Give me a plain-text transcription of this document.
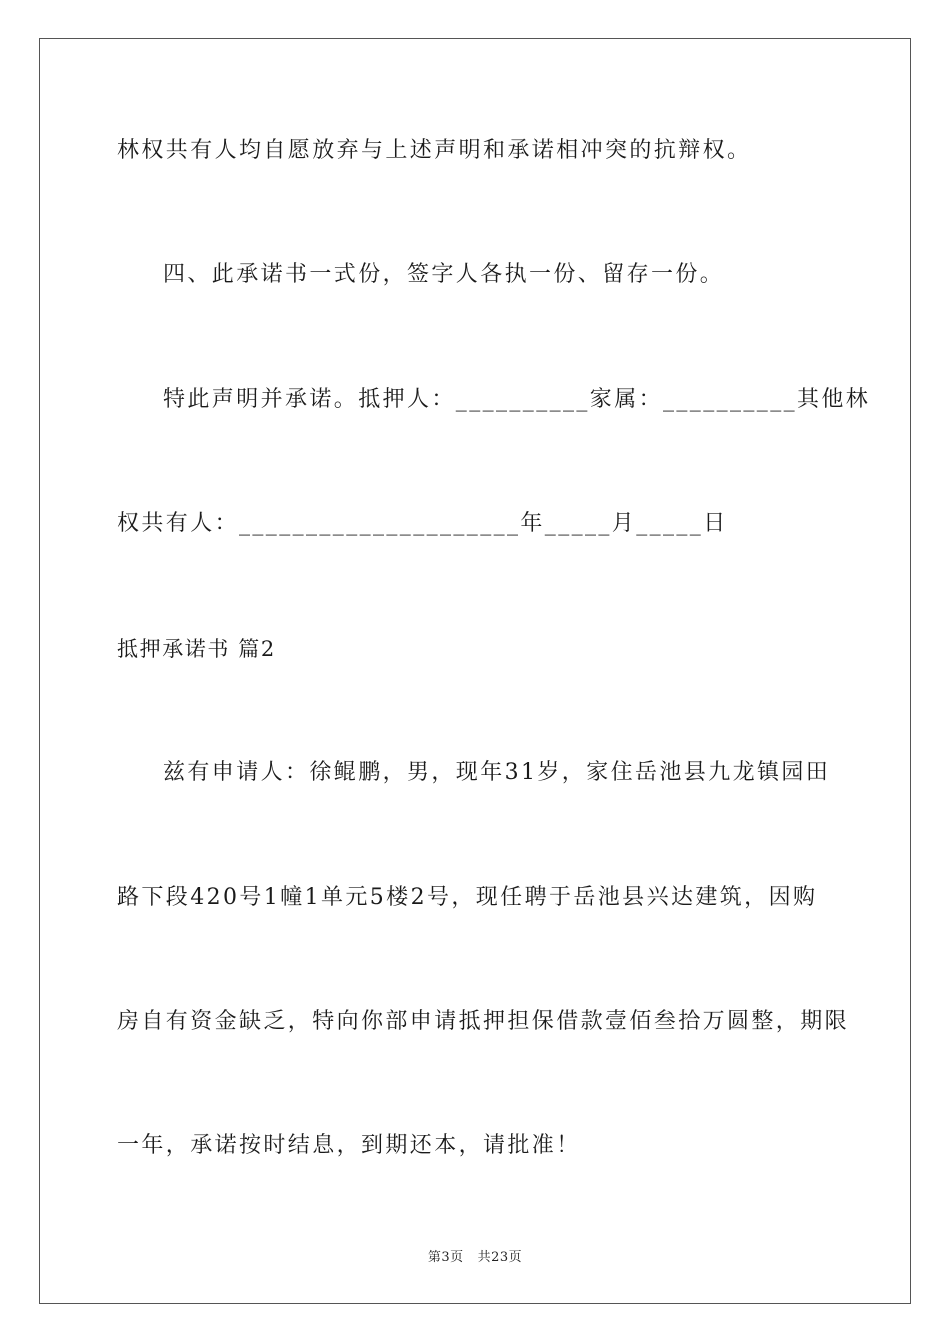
林权共有人均自愿放弃与上述声明和承诺相冲突的抗辩权。
四、此承诺书一式份，签字人各执一份、留存一份。
特此声明并承诺。抵押人：__________家属：__________其他林
权共有人：_____________________年_____月_____日
抵押承诺书 篇2
兹有申请人：徐鲲鹏，男，现年31岁，家住岳池县九龙镇园田
路下段420号1幢1单元5楼2号，现任聘于岳池县兴达建筑，因购
房自有资金缺乏，特向你部申请抵押担保借款壹佰叁拾万圆整，期限
一年，承诺按时结息，到期还本，请批准！
第3页 共23页
